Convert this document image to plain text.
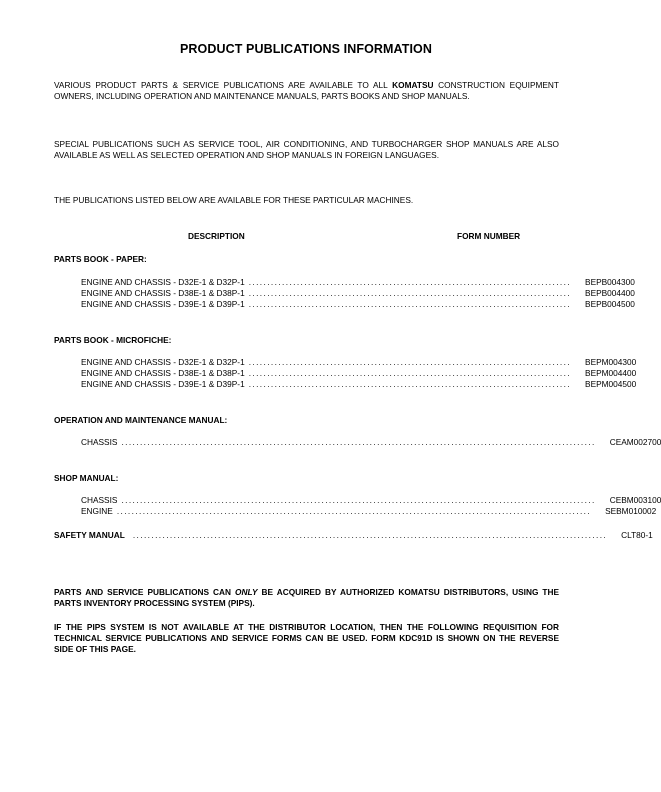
PRODUCT PUBLICATIONS INFORMATION
VARIOUS PRODUCT PARTS & SERVICE PUBLICATIONS ARE AVAILABLE TO ALL KOMATSU CONSTRUCTION EQUIPMENT OWNERS, INCLUDING OPERATION AND MAINTENANCE MANUALS, PARTS BOOKS AND SHOP MANUALS.
SPECIAL PUBLICATIONS SUCH AS SERVICE TOOL, AIR CONDITIONING, AND TURBOCHARGER SHOP MANUALS ARE ALSO AVAILABLE AS WELL AS SELECTED OPERATION AND SHOP MANUALS IN FOREIGN LANGUAGES.
THE PUBLICATIONS LISTED BELOW ARE AVAILABLE FOR THESE PARTICULAR MACHINES.
DESCRIPTION	FORM NUMBER
PARTS BOOK - PAPER:
ENGINE AND CHASSIS - D32E-1 & D32P-1 .......................................................................................	BEPB004300
ENGINE AND CHASSIS - D38E-1 & D38P-1 .......................................................................................	BEPB004400
ENGINE AND CHASSIS - D39E-1 & D39P-1 .......................................................................................	BEPB004500
PARTS BOOK - MICROFICHE:
ENGINE AND CHASSIS - D32E-1 & D32P-1 .......................................................................................	BEPM004300
ENGINE AND CHASSIS - D38E-1 & D38P-1 .......................................................................................	BEPM004400
ENGINE AND CHASSIS - D39E-1 & D39P-1 .......................................................................................	BEPM004500
OPERATION AND MAINTENANCE MANUAL:
CHASSIS ................................................................................................................................	CEAM002700
SHOP MANUAL:
CHASSIS ................................................................................................................................	CEBM003100
ENGINE ................................................................................................................................	SEBM010002
SAFETY MANUAL ................................................................................................................................	CLT80-1
PARTS AND SERVICE PUBLICATIONS CAN ONLY BE ACQUIRED BY AUTHORIZED KOMATSU DISTRIBUTORS, USING THE PARTS INVENTORY PROCESSING SYSTEM (PIPS).
IF THE PIPS SYSTEM IS NOT AVAILABLE AT THE DISTRIBUTOR LOCATION, THEN THE FOLLOWING REQUISITION FOR TECHNICAL SERVICE PUBLICATIONS AND SERVICE FORMS CAN BE USED. FORM KDC91D IS SHOWN ON THE REVERSE SIDE OF THIS PAGE.
